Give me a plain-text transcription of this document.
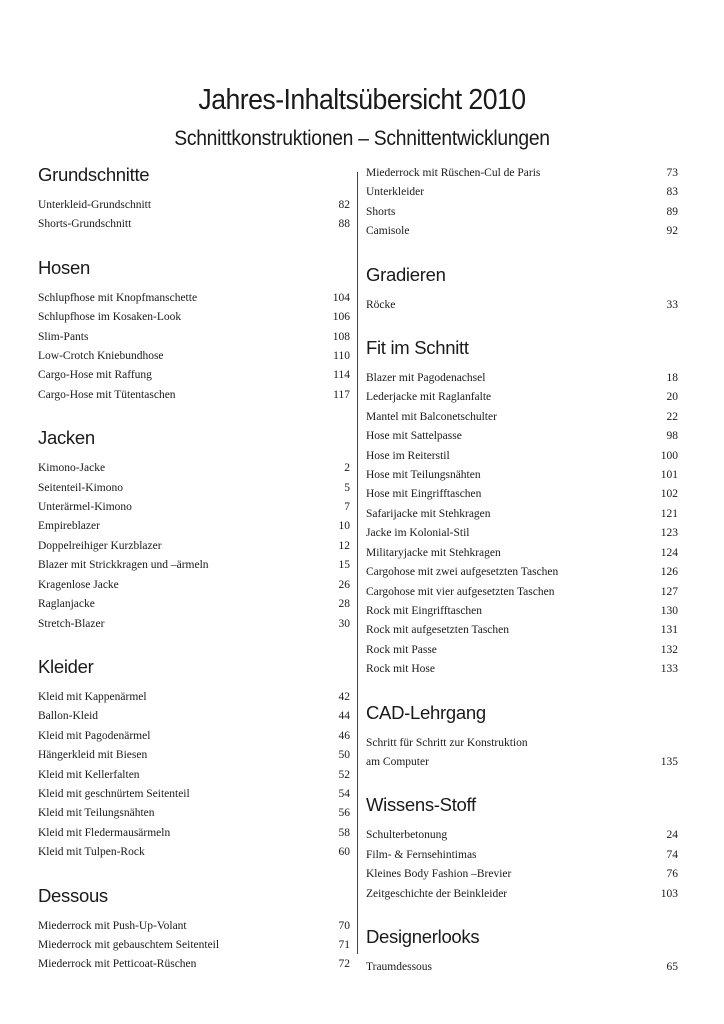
Jahres-Inhaltsübersicht 2010
Schnittkonstruktionen – Schnittentwicklungen
Grundschnitte
Unterkleid-Grundschnitt	82
Shorts-Grundschnitt	88
Hosen
Schlupfhose mit Knopfmanschette	104
Schlupfhose im Kosaken-Look	106
Slim-Pants	108
Low-Crotch Kniebundhose	110
Cargo-Hose mit Raffung	114
Cargo-Hose mit Tütentaschen	117
Jacken
Kimono-Jacke	2
Seitenteil-Kimono	5
Unterärmel-Kimono	7
Empireblazer	10
Doppelreihiger Kurzblazer	12
Blazer mit Strickkragen und –ärmeln	15
Kragenlose Jacke	26
Raglanjacke	28
Stretch-Blazer	30
Kleider
Kleid mit Kappenärmel	42
Ballon-Kleid	44
Kleid mit Pagodenärmel	46
Hängerkleid mit Biesen	50
Kleid mit Kellerfalten	52
Kleid mit geschnürtem Seitenteil	54
Kleid mit Teilungsnähten	56
Kleid mit Fledermausärmeln	58
Kleid mit Tulpen-Rock	60
Dessous
Miederrock mit Push-Up-Volant	70
Miederrock mit gebauschtem Seitenteil	71
Miederrock mit Petticoat-Rüschen	72
Miederrock mit Rüschen-Cul de Paris	73
Unterkleider	83
Shorts	89
Camisole	92
Gradieren
Röcke	33
Fit im Schnitt
Blazer mit Pagodenachsel	18
Lederjacke mit Raglanfalte	20
Mantel mit Balconetschulter	22
Hose mit Sattelpasse	98
Hose im Reiterstil	100
Hose mit Teilungsnähten	101
Hose mit Eingrifftaschen	102
Safarijacke mit Stehkragen	121
Jacke im Kolonial-Stil	123
Militaryjacke mit Stehkragen	124
Cargohose mit zwei aufgesetzten Taschen	126
Cargohose mit vier aufgesetzten Taschen	127
Rock mit Eingrifftaschen	130
Rock mit aufgesetzten Taschen	131
Rock mit Passe	132
Rock mit Hose	133
CAD-Lehrgang
Schritt für Schritt zur Konstruktion
am Computer	135
Wissens-Stoff
Schulterbetonung	24
Film- & Fernsehintimas	74
Kleines Body Fashion –Brevier	76
Zeitgeschichte der Beinkleider	103
Designerlooks
Traumdessous	65
